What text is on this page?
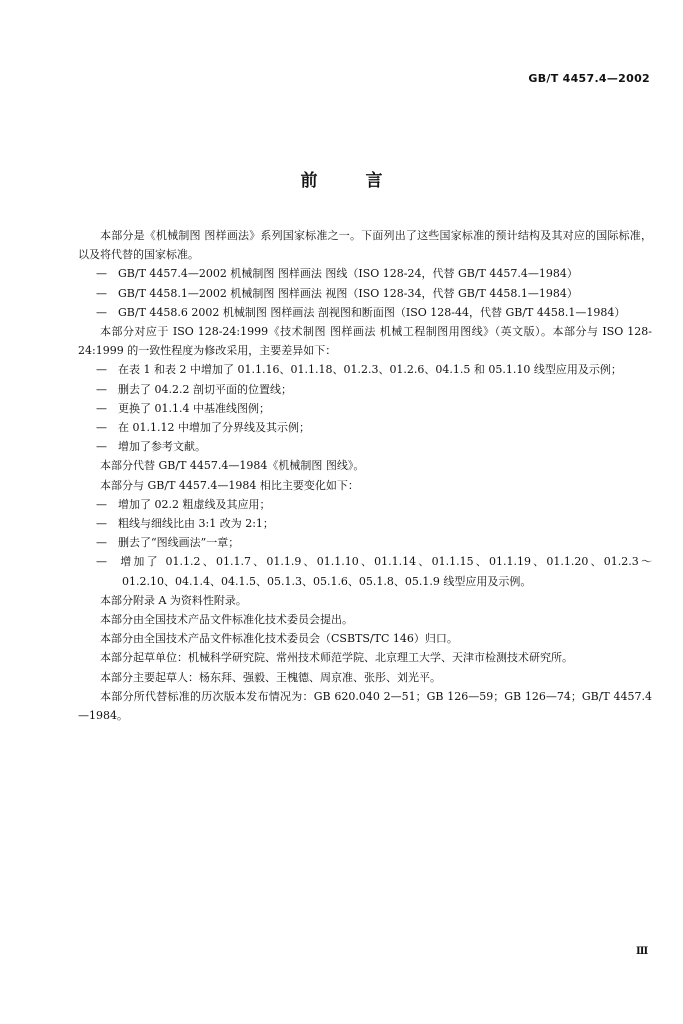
GB/T 4457.4—2002
前言
本部分是《机械制图 图样画法》系列国家标准之一。下面列出了这些国家标准的预计结构及其对应的国际标准，以及将代替的国家标准。
— GB/T 4457.4—2002 机械制图 图样画法 图线（ISO 128-24，代替 GB/T 4457.4—1984）
— GB/T 4458.1—2002 机械制图 图样画法 视图（ISO 128-34，代替 GB/T 4458.1—1984）
— GB/T 4458.6 2002 机械制图 图样画法 剖视图和断面图（ISO 128-44，代替 GB/T 4458.1—1984）
本部分对应于 ISO 128-24:1999《技术制图 图样画法 机械工程制图用图线》（英文版）。本部分与 ISO 128-24:1999 的一致性程度为修改采用，主要差异如下：
— 在表 1 和表 2 中增加了 01.1.16、01.1.18、01.2.3、01.2.6、04.1.5 和 05.1.10 线型应用及示例；
— 删去了 04.2.2 剖切平面的位置线；
— 更换了 01.1.4 中基准线图例；
— 在 01.1.12 中增加了分界线及其示例；
— 增加了参考文献。
本部分代替 GB/T 4457.4—1984《机械制图 图线》。
本部分与 GB/T 4457.4—1984 相比主要变化如下：
— 增加了 02.2 粗虚线及其应用；
— 粗线与细线比由 3:1 改为 2:1；
— 删去了“图线画法”一章；
— 增加了 01.1.2、01.1.7、01.1.9、01.1.10、01.1.14、01.1.15、01.1.19、01.1.20、01.2.3～01.2.10、04.1.4、04.1.5、05.1.3、05.1.6、05.1.8、05.1.9 线型应用及示例。
本部分附录 A 为资料性附录。
本部分由全国技术产品文件标准化技术委员会提出。
本部分由全国技术产品文件标准化技术委员会（CSBTS/TC 146）归口。
本部分起草单位：机械科学研究院、常州技术师范学院、北京理工大学、天津市检测技术研究所。
本部分主要起草人：杨东拜、强毅、王槐德、周京准、张彤、刘光平。
本部分所代替标准的历次版本发布情况为：GB 620.040 2—51；GB 126—59；GB 126—74；GB/T 4457.4—1984。
Ⅲ
